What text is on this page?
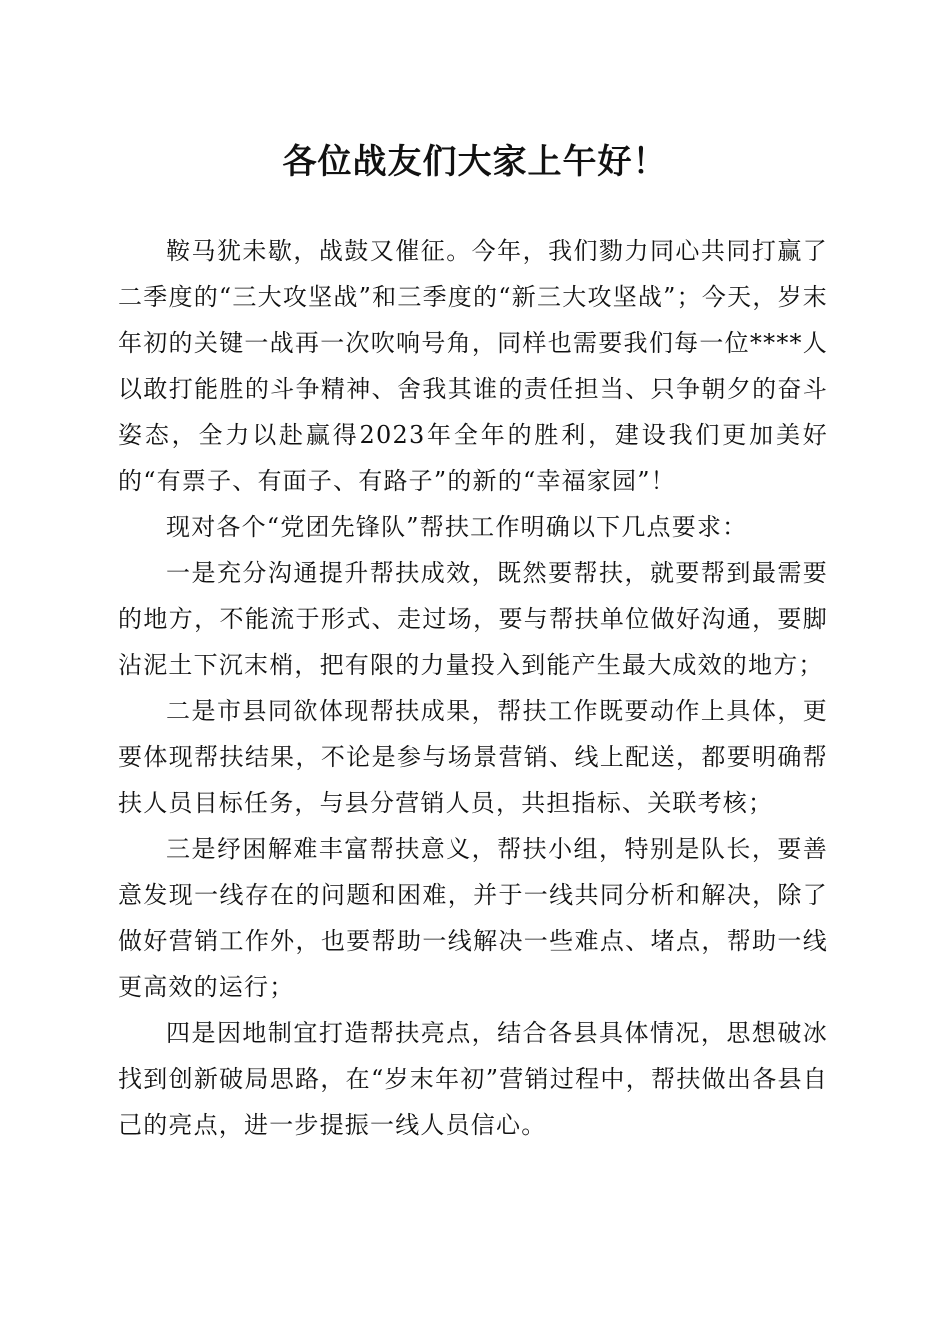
各位战友们大家上午好！

鞍马犹未歇，战鼓又催征。今年，我们勠力同心共同打赢了二季度的“三大攻坚战”和三季度的“新三大攻坚战”；今天，岁末年初的关键一战再一次吹响号角，同样也需要我们每一位****人以敢打能胜的斗争精神、舍我其谁的责任担当、只争朝夕的奋斗姿态，全力以赴赢得2023年全年的胜利，建设我们更加美好的“有票子、有面子、有路子”的新的“幸福家园”！

现对各个“党团先锋队”帮扶工作明确以下几点要求：

一是充分沟通提升帮扶成效，既然要帮扶，就要帮到最需要的地方，不能流于形式、走过场，要与帮扶单位做好沟通，要脚沾泥土下沉末梢，把有限的力量投入到能产生最大成效的地方；

二是市县同欲体现帮扶成果，帮扶工作既要动作上具体，更要体现帮扶结果，不论是参与场景营销、线上配送，都要明确帮扶人员目标任务，与县分营销人员，共担指标、关联考核；

三是纾困解难丰富帮扶意义，帮扶小组，特别是队长，要善意发现一线存在的问题和困难，并于一线共同分析和解决，除了做好营销工作外，也要帮助一线解决一些难点、堵点，帮助一线更高效的运行；

四是因地制宜打造帮扶亮点，结合各县具体情况，思想破冰找到创新破局思路，在“岁末年初”营销过程中，帮扶做出各县自己的亮点，进一步提振一线人员信心。
